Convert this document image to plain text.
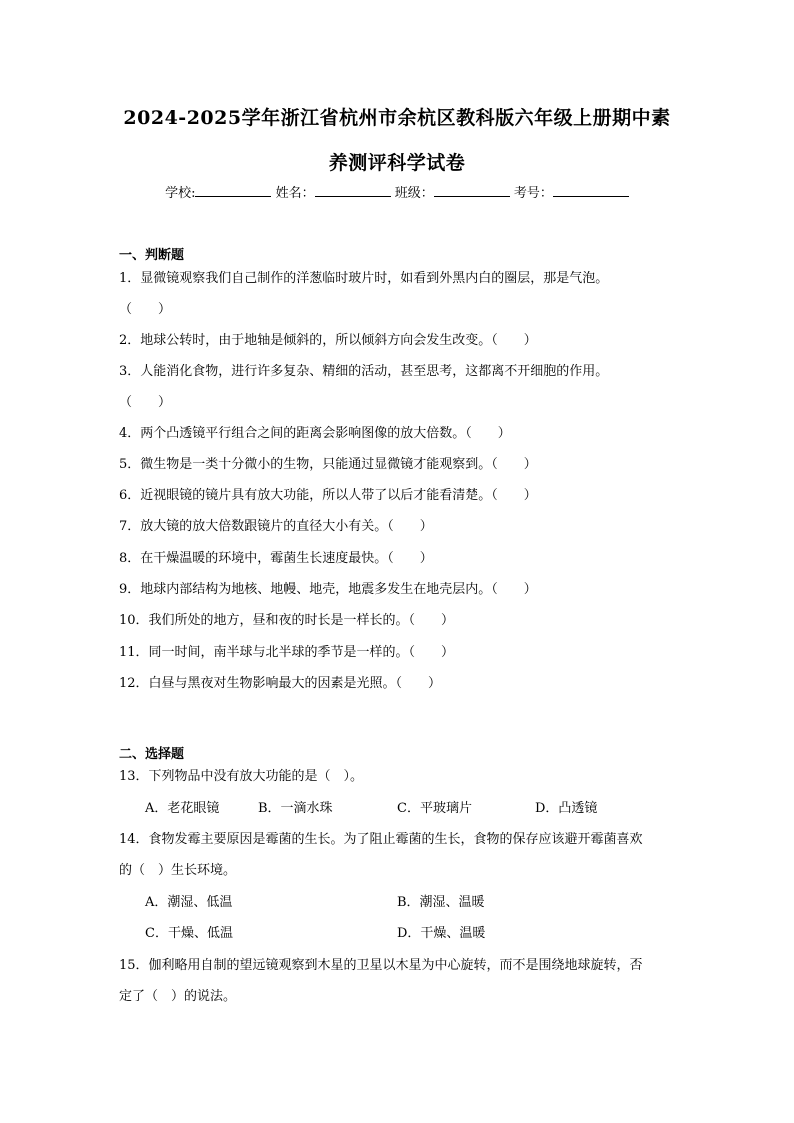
2024-2025学年浙江省杭州市余杭区教科版六年级上册期中素
养测评科学试卷
学校:	姓名：	班级：	考号：
一、判断题
1．显微镜观察我们自己制作的洋葱临时玻片时，如看到外黑内白的圈层，那是气泡。
（　　）
2．地球公转时，由于地轴是倾斜的，所以倾斜方向会发生改变。（　　）
3．人能消化食物，进行许多复杂、精细的活动，甚至思考，这都离不开细胞的作用。
（　　）
4．两个凸透镜平行组合之间的距离会影响图像的放大倍数。（　　）
5．微生物是一类十分微小的生物，只能通过显微镜才能观察到。（　　）
6．近视眼镜的镜片具有放大功能，所以人带了以后才能看清楚。（　　）
7．放大镜的放大倍数跟镜片的直径大小有关。（　　）
8．在干燥温暖的环境中，霉菌生长速度最快。（　　）
9．地球内部结构为地核、地幔、地壳，地震多发生在地壳层内。（　　）
10．我们所处的地方，昼和夜的时长是一样长的。（　　）
11．同一时间，南半球与北半球的季节是一样的。（　　）
12．白昼与黑夜对生物影响最大的因素是光照。（　　）
二、选择题
13．下列物品中没有放大功能的是（　）。
A．老花眼镜	B．一滴水珠	C．平玻璃片	D．凸透镜
14．食物发霉主要原因是霉菌的生长。为了阻止霉菌的生长，食物的保存应该避开霉菌喜欢
的（　）生长环境。
A．潮湿、低温	B．潮湿、温暖
C．干燥、低温	D．干燥、温暖
15．伽利略用自制的望远镜观察到木星的卫星以木星为中心旋转，而不是围绕地球旋转，否
定了（　）的说法。
